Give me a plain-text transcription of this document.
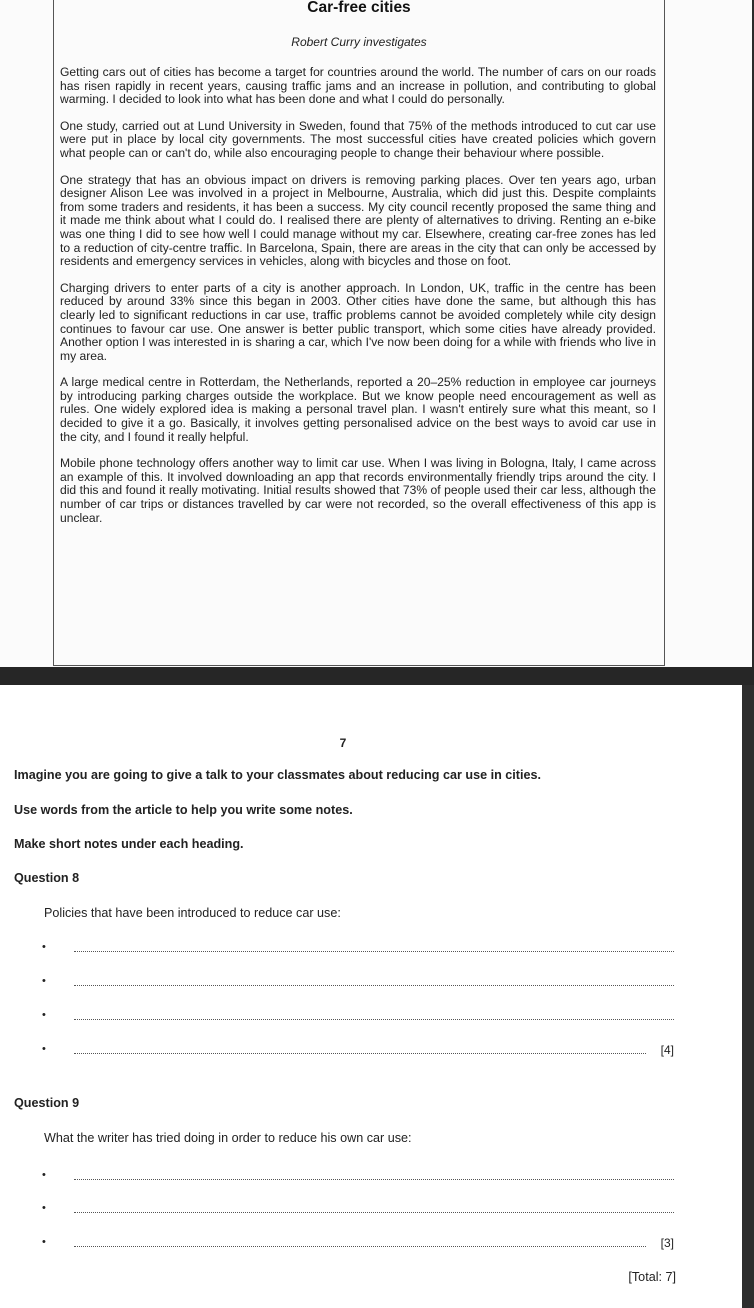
Car-free cities
Robert Curry investigates

Getting cars out of cities has become a target for countries around the world. The number of cars on our roads has risen rapidly in recent years, causing traffic jams and an increase in pollution, and contributing to global warming. I decided to look into what has been done and what I could do personally.

One study, carried out at Lund University in Sweden, found that 75% of the methods introduced to cut car use were put in place by local city governments. The most successful cities have created policies which govern what people can or can't do, while also encouraging people to change their behaviour where possible.

One strategy that has an obvious impact on drivers is removing parking places. Over ten years ago, urban designer Alison Lee was involved in a project in Melbourne, Australia, which did just this. Despite complaints from some traders and residents, it has been a success. My city council recently proposed the same thing and it made me think about what I could do. I realised there are plenty of alternatives to driving. Renting an e-bike was one thing I did to see how well I could manage without my car. Elsewhere, creating car-free zones has led to a reduction of city-centre traffic. In Barcelona, Spain, there are areas in the city that can only be accessed by residents and emergency services in vehicles, along with bicycles and those on foot.

Charging drivers to enter parts of a city is another approach. In London, UK, traffic in the centre has been reduced by around 33% since this began in 2003. Other cities have done the same, but although this has clearly led to significant reductions in car use, traffic problems cannot be avoided completely while city design continues to favour car use. One answer is better public transport, which some cities have already provided. Another option I was interested in is sharing a car, which I've now been doing for a while with friends who live in my area.

A large medical centre in Rotterdam, the Netherlands, reported a 20–25% reduction in employee car journeys by introducing parking charges outside the workplace. But we know people need encouragement as well as rules. One widely explored idea is making a personal travel plan. I wasn't entirely sure what this meant, so I decided to give it a go. Basically, it involves getting personalised advice on the best ways to avoid car use in the city, and I found it really helpful.

Mobile phone technology offers another way to limit car use. When I was living in Bologna, Italy, I came across an example of this. It involved downloading an app that records environmentally friendly trips around the city. I did this and found it really motivating. Initial results showed that 73% of people used their car less, although the number of car trips or distances travelled by car were not recorded, so the overall effectiveness of this app is unclear.

7
Imagine you are going to give a talk to your classmates about reducing car use in cities.
Use words from the article to help you write some notes.
Make short notes under each heading.
Question 8
Policies that have been introduced to reduce car use:
•
•
•
•	[4]
Question 9
What the writer has tried doing in order to reduce his own car use:
•
•
•	[3]
[Total: 7]
